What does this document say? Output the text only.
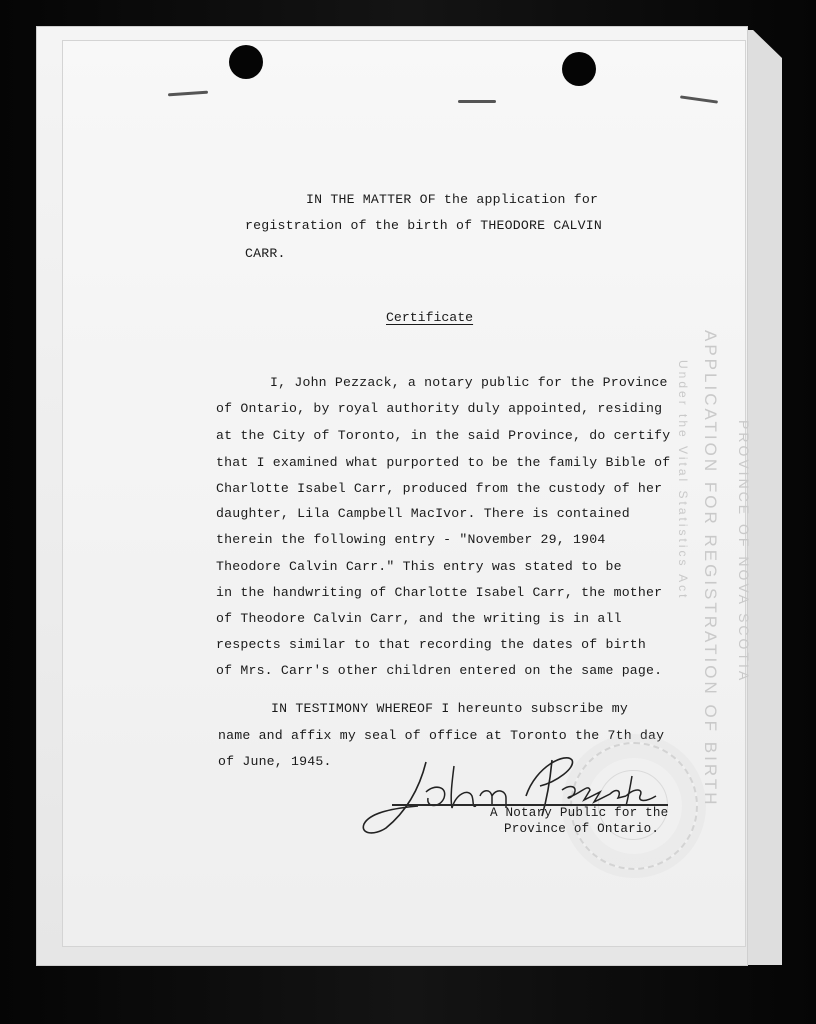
APPLICATION FOR REGISTRATION OF BIRTH PROVINCE OF NOVA SCOTIA
Under the Vital Statistics Act
IN THE MATTER OF the application for
registration of the birth of THEODORE CALVIN
CARR.
Certificate
I, John Pezzack, a notary public for the Province
of Ontario, by royal authority duly appointed, residing
at the City of Toronto, in the said Province, do certify
that I examined what purported to be the family Bible of
Charlotte Isabel Carr, produced from the custody of her
daughter, Lila Campbell MacIvor. There is contained
therein the following entry - "November 29, 1904
Theodore Calvin Carr." This entry was stated to be
in the handwriting of Charlotte Isabel Carr, the mother
of Theodore Calvin Carr, and the writing is in all
respects similar to that recording the dates of birth
of Mrs. Carr's other children entered on the same page.
IN TESTIMONY WHEREOF I hereunto subscribe my
name and affix my seal of office at Toronto the 7th day
of June, 1945.
A Notary Public for the
Province of Ontario.
